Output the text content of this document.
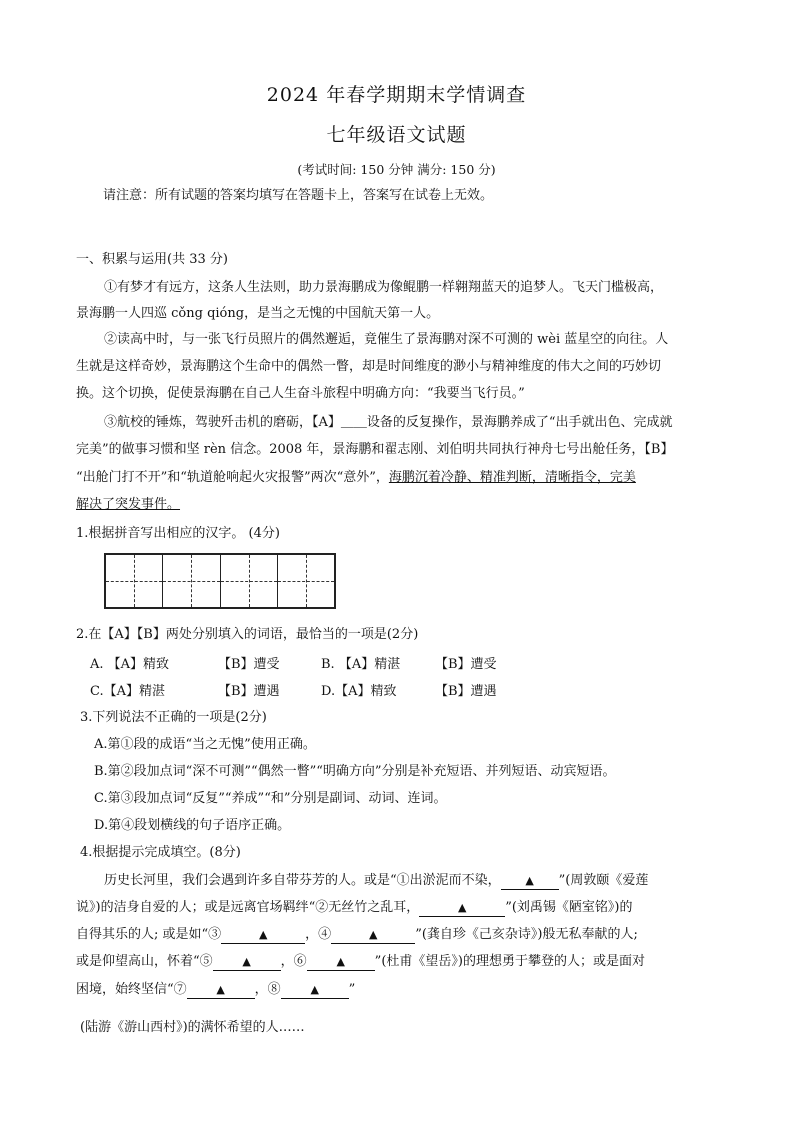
2024 年春学期期末学情调查
七年级语文试题
(考试时间: 150 分钟 满分: 150 分)
请注意：所有试题的答案均填写在答题卡上，答案写在试卷上无效。
一、积累与运用(共 33 分)
①有梦才有远方，这条人生法则，助力景海鹏成为像鲲鹏一样翱翔蓝天的追梦人。飞天门槛极高，
景海鹏一人四巡 cǒng qióng，是当之无愧的中国航天第一人。
②读高中时，与一张飞行员照片的偶然邂逅，竟催生了景海鹏对深不可测的 wèi 蓝星空的向往。人
生就是这样奇妙，景海鹏这个生命中的偶然一瞥，却是时间维度的渺小与精神维度的伟大之间的巧妙切
换。这个切换，促使景海鹏在自己人生奋斗旅程中明确方向：“我要当飞行员。”
③航校的锤炼，驾驶歼击机的磨砺，【A】＿＿设备的反复操作，景海鹏养成了“出手就出色、完成就
完美”的做事习惯和坚 rèn 信念。2008 年，景海鹏和翟志刚、刘伯明共同执行神舟七号出舱任务，【B】
“出舱门打不开”和“轨道舱响起火灾报警”两次“意外”，海鹏沉着冷静、精准判断，清晰指令，完美
解决了突发事件。
1.根据拼音写出相应的汉字。 (4分)
2.在【A】【B】两处分别填入的词语，最恰当的一项是(2分)
A. 【A】精致	【B】遭受	B. 【A】精湛	【B】遭受
C.【A】精湛	【B】遭遇	D.【A】精致	【B】遭遇
3.下列说法不正确的一项是(2分)
A.第①段的成语“当之无愧”使用正确。
B.第②段加点词“深不可测”“偶然一瞥”“明确方向”分别是补充短语、并列短语、动宾短语。
C.第③段加点词“反复”“养成”“和”分别是副词、动词、连词。
D.第④段划横线的句子语序正确。
4.根据提示完成填空。(8分)
历史长河里，我们会遇到许多自带芬芳的人。或是“①出淤泥而不染， ▲ ”(周敦颐《爱莲
说》)的洁身自爱的人；或是远离官场羁绊“②无丝竹之乱耳，	▲	”(刘禹锡《陋室铭》)的
自得其乐的人; 或是如“③	▲	，④	▲	”(龚自珍《己亥杂诗》)般无私奉献的人;
或是仰望高山，怀着“⑤	▲ ，⑥	▲ ”(杜甫《望岳》)的理想勇于攀登的人；或是面对
困境，始终坚信“⑦	▲ ，⑧	▲ ”
(陆游《游山西村》)的满怀希望的人……
